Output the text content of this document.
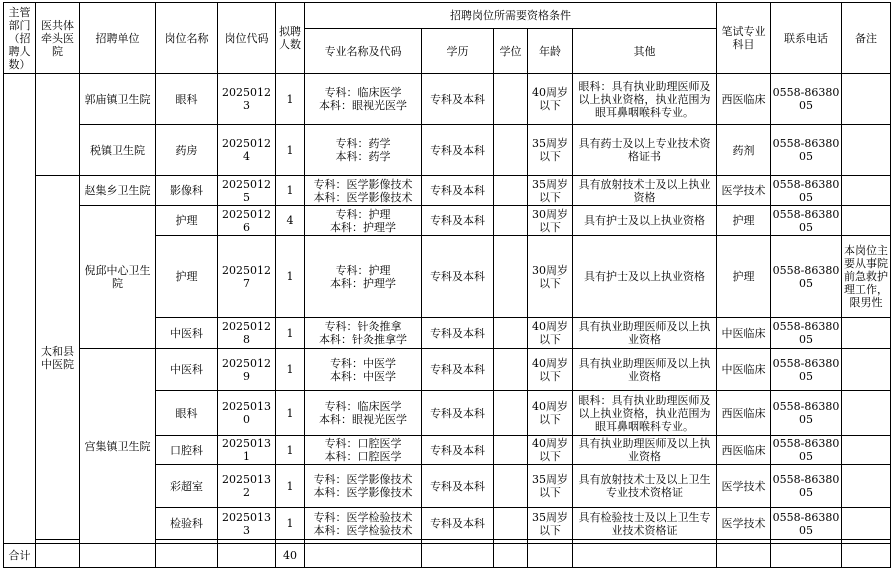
主管部门（招聘人数）	医共体牵头医院	招聘单位	岗位名称	岗位代码	拟聘人数	招聘岗位所需要资格条件					笔试专业科目	联系电话	备注	
						专业名称及代码	学历	学位	年龄	其他				
		郭庙镇卫生院	眼科	20250123	1	专科：临床医学
本科：眼视光医学	专科及本科		40周岁以下	眼科：具有执业助理医师及以上执业资格，执业范围为眼耳鼻咽喉科专业。	西医临床	0558-8638005		
		税镇卫生院	药房	20250124	1	专科：药学
本科：药学	专科及本科		35周岁以下	具有药士及以上专业技术资格证书	药剂	0558-8638005		
	太和县中医院	赵集乡卫生院	影像科	20250125	1	专科：医学影像技术
本科：医学影像技术	专科及本科		35周岁以下	具有放射技术士及以上执业资格	医学技术	0558-8638005		
		倪邱中心卫生院	护理	20250126	4	专科：护理
本科：护理学	专科及本科		30周岁以下	具有护士及以上执业资格	护理	0558-8638005		
			护理	20250127	1	专科：护理
本科：护理学	专科及本科		30周岁以下	具有护士及以上执业资格	护理	0558-8638005	本岗位主要从事院前急救护理工作，限男性	
			中医科	20250128	1	专科：针灸推拿
本科：针灸推拿学	专科及本科		40周岁以下	具有执业助理医师及以上执业资格	中医临床	0558-8638005		
		宫集镇卫生院	中医科	20250129	1	专科：中医学
本科：中医学	专科及本科		40周岁以下	具有执业助理医师及以上执业资格	中医临床	0558-8638005		
			眼科	20250130	1	专科：临床医学
本科：眼视光医学	专科及本科		40周岁以下	眼科：具有执业助理医师及以上执业资格，执业范围为眼耳鼻咽喉科专业。	西医临床	0558-8638005		
			口腔科	20250131	1	专科：口腔医学
本科：口腔医学	专科及本科		40周岁以下	具有执业助理医师及以上执业资格	西医临床	0558-8638005		
			彩超室	20250132	1	专科：医学影像技术
本科：医学影像技术	专科及本科		35周岁以下	具有放射技术士及以上卫生专业技术资格证	医学技术	0558-8638005		
			检验科	20250133	1	专科：医学检验技术
本科：医学检验技术	专科及本科		35周岁以下	具有检验技士及以上卫生专业技术资格证	医学技术	0558-8638005		

合计					40									
